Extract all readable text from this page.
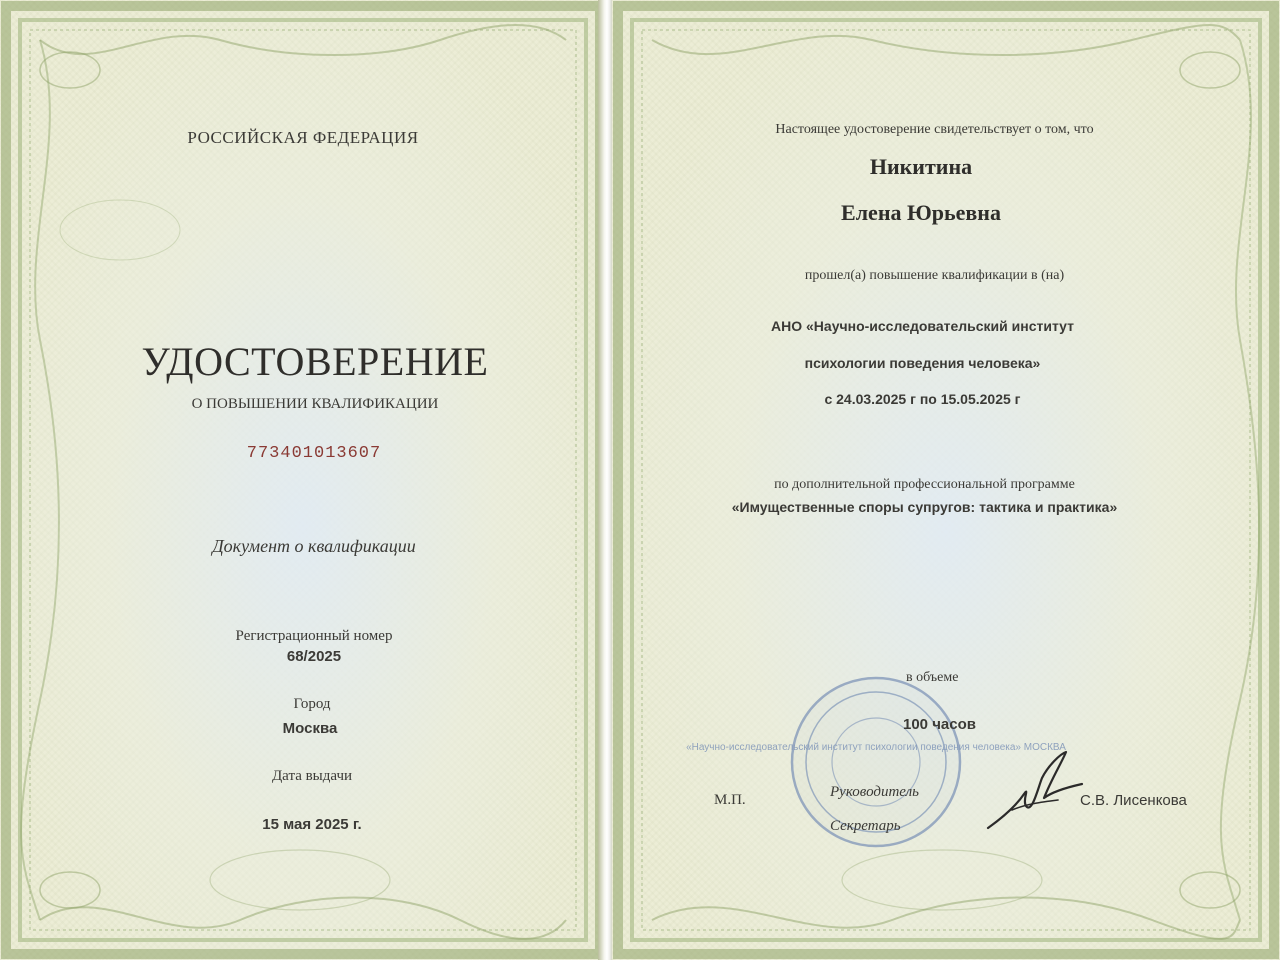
РОССИЙСКАЯ ФЕДЕРАЦИЯ

УДОСТОВЕРЕНИЕ

О ПОВЫШЕНИИ КВАЛИФИКАЦИИ

773401013607

Документ о квалификации

Регистрационный номер

68/2025

Город

Москва

Дата выдачи

15 мая 2025 г.

Настоящее удостоверение свидетельствует о том, что

Никитина

Елена Юрьевна

прошел(а) повышение квалификации в (на)

АНО «Научно-исследовательский институт

психологии поведения человека»

с 24.03.2025 г по 15.05.2025 г

по дополнительной профессиональной программе

«Имущественные споры супругов: тактика и практика»

«Научно-исследовательский институт психологии поведения человека» МОСКВА

в объеме

100 часов

М.П.	Руководитель

Секретарь

С.В. Лисенкова
